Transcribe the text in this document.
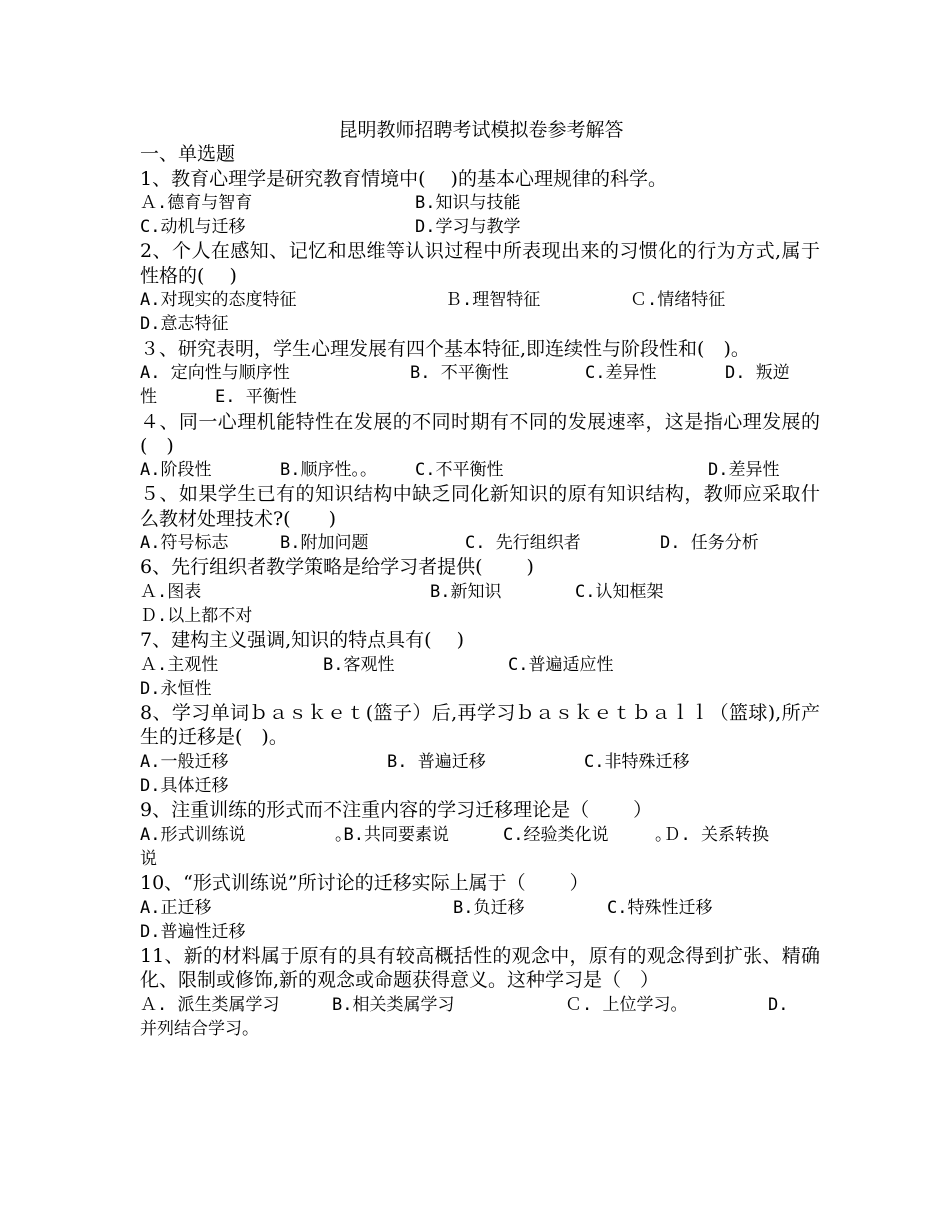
昆明教师招聘考试模拟卷参考解答
一、单选题
1、教育心理学是研究教育情境中(　 )的基本心理规律的科学。
Ａ.德育与智育	B.知识与技能
C.动机与迁移	D.学习与教学
2、个人在感知、记忆和思维等认识过程中所表现出来的习惯化的行为方式,属于性格的(　 )
A.对现实的态度特征	Ｂ.理智特征	Ｃ.情绪特征
D.意志特征
３、研究表明，学生心理发展有四个基本特征,即连续性与阶段性和(　)。
A. 定向性与顺序性	B. 不平衡性	C.差异性	D. 叛逆
性	E. 平衡性
４、同一心理机能特性在发展的不同时期有不同的发展速率，这是指心理发展的(　)
A.阶段性	B.顺序性｡｡	C.不平衡性	D.差异性
５、如果学生已有的知识结构中缺乏同化新知识的原有知识结构，教师应采取什么教材处理技术?(　　)
A.符号标志	B.附加问题	C. 先行组织者	D. 任务分析
6、先行组织者教学策略是给学习者提供(　 　)
Ａ.图表	B.新知识	C.认知框架
Ｄ.以上都不对
7、建构主义强调,知识的特点具有(　 )
Ａ.主观性	B.客观性	C.普遍适应性
D.永恒性
8、学习单词ｂａｓｋｅｔ(篮子）后,再学习ｂａｓｋｅｔｂａｌｌ（篮球),所产生的迁移是(　)。
A.一般迁移	B. 普遍迁移	C.非特殊迁移
D.具体迁移
9、注重训练的形式而不注重内容的学习迁移理论是（　 　）
A.形式训练说	｡B.共同要素说	C.经验类化说	｡Ｄ. 关系转换
说
10、“形式训练说”所讨论的迁移实际上属于（　 　）
A.正迁移	B.负迁移	C.特殊性迁移
D.普遍性迁移
11、新的材料属于原有的具有较高概括性的观念中，原有的观念得到扩张、精确化、限制或修饰,新的观念或命题获得意义。这种学习是（　）
Ａ. 派生类属学习	B.相关类属学习	Ｃ. 上位学习｡	D.
并列结合学习｡
